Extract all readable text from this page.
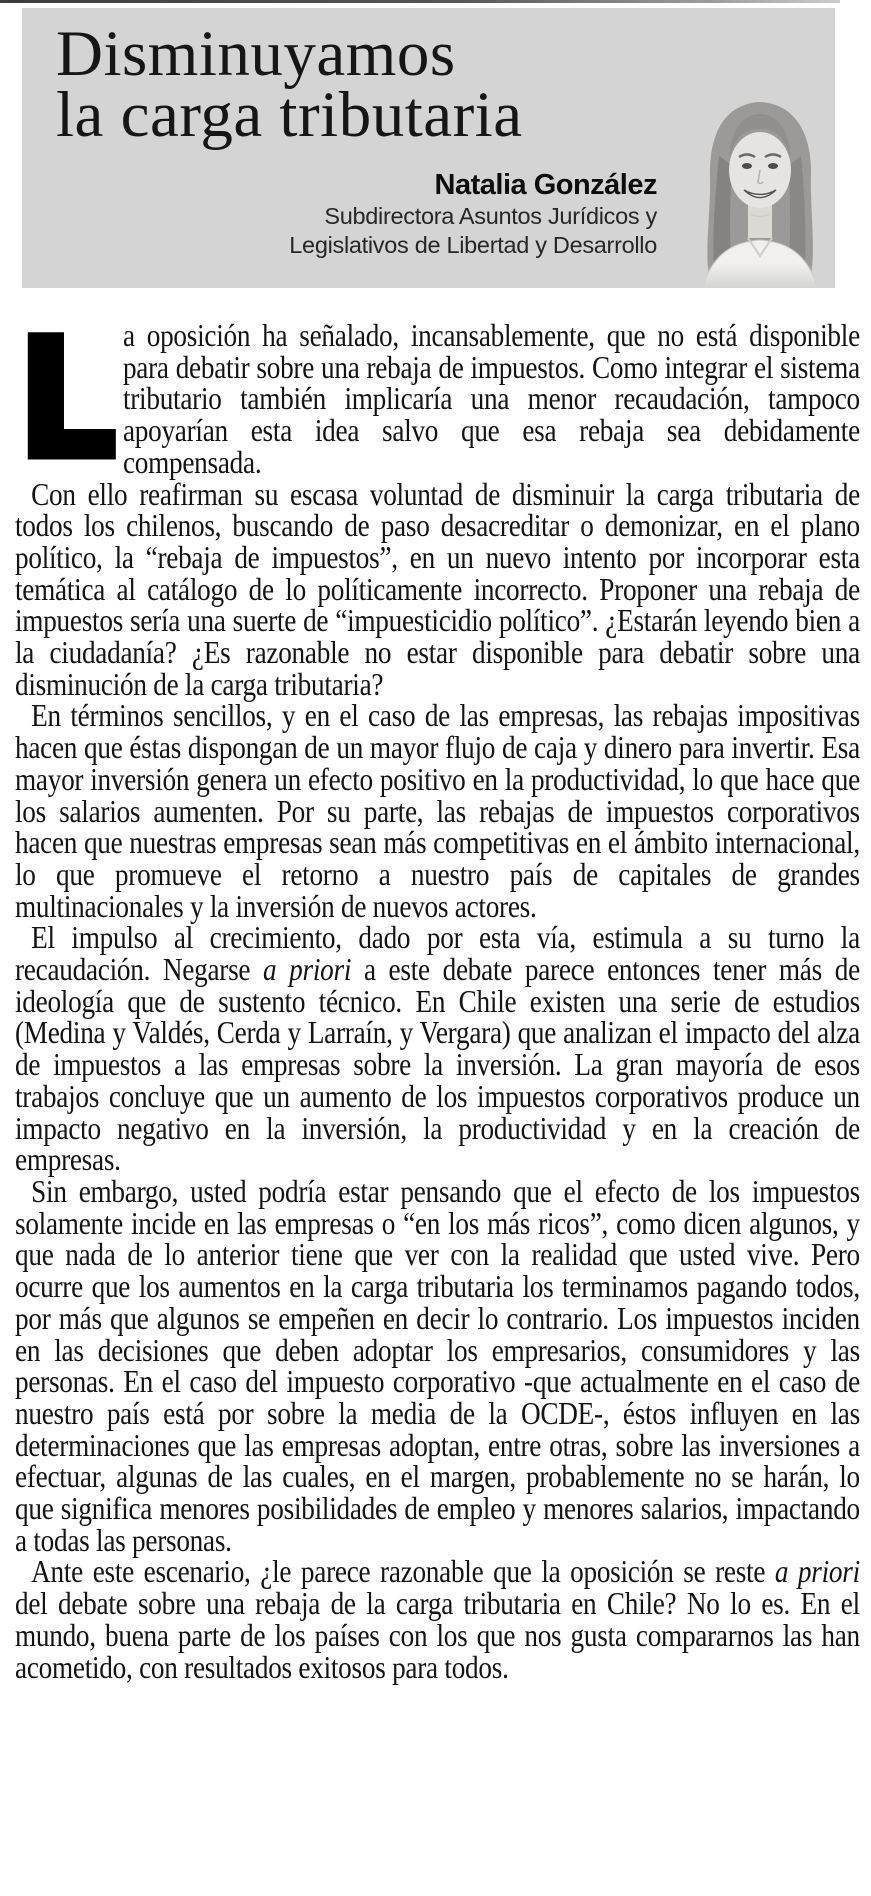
Disminuyamos
la carga tributaria
Natalia González
Subdirectora Asuntos Jurídicos y
Legislativos de Libertad y Desarrollo

La oposición ha señalado, incansablemente, que no está disponible para debatir sobre una rebaja de impuestos. Como integrar el sistema tributario también implicaría una menor recaudación, tampoco apoyarían esta idea salvo que esa rebaja sea debidamente compensada.

Con ello reafirman su escasa voluntad de disminuir la carga tributaria de todos los chilenos, buscando de paso desacreditar o demonizar, en el plano político, la “rebaja de impuestos”, en un nuevo intento por incorporar esta temática al catálogo de lo políticamente incorrecto. Proponer una rebaja de impuestos sería una suerte de “impuesticidio político”. ¿Estarán leyendo bien a la ciudadanía? ¿Es razonable no estar disponible para debatir sobre una disminución de la carga tributaria?

En términos sencillos, y en el caso de las empresas, las rebajas impositivas hacen que éstas dispongan de un mayor flujo de caja y dinero para invertir. Esa mayor inversión genera un efecto positivo en la productividad, lo que hace que los salarios aumenten. Por su parte, las rebajas de impuestos corporativos hacen que nuestras empresas sean más competitivas en el ámbito internacional, lo que promueve el retorno a nuestro país de capitales de grandes multinacionales y la inversión de nuevos actores.

El impulso al crecimiento, dado por esta vía, estimula a su turno la recaudación. Negarse a priori a este debate parece entonces tener más de ideología que de sustento técnico. En Chile existen una serie de estudios (Medina y Valdés, Cerda y Larraín, y Vergara) que analizan el impacto del alza de impuestos a las empresas sobre la inversión. La gran mayoría de esos trabajos concluye que un aumento de los impuestos corporativos produce un impacto negativo en la inversión, la productividad y en la creación de empresas.

Sin embargo, usted podría estar pensando que el efecto de los impuestos solamente incide en las empresas o “en los más ricos”, como dicen algunos, y que nada de lo anterior tiene que ver con la realidad que usted vive. Pero ocurre que los aumentos en la carga tributaria los terminamos pagando todos, por más que algunos se empeñen en decir lo contrario. Los impuestos inciden en las decisiones que deben adoptar los empresarios, consumidores y las personas. En el caso del impuesto corporativo -que actualmente en el caso de nuestro país está por sobre la media de la OCDE-, éstos influyen en las determinaciones que las empresas adoptan, entre otras, sobre las inversiones a efectuar, algunas de las cuales, en el margen, probablemente no se harán, lo que significa menores posibilidades de empleo y menores salarios, impactando a todas las personas.

Ante este escenario, ¿le parece razonable que la oposición se reste a priori del debate sobre una rebaja de la carga tributaria en Chile? No lo es. En el mundo, buena parte de los países con los que nos gusta compararnos las han acometido, con resultados exitosos para todos.
